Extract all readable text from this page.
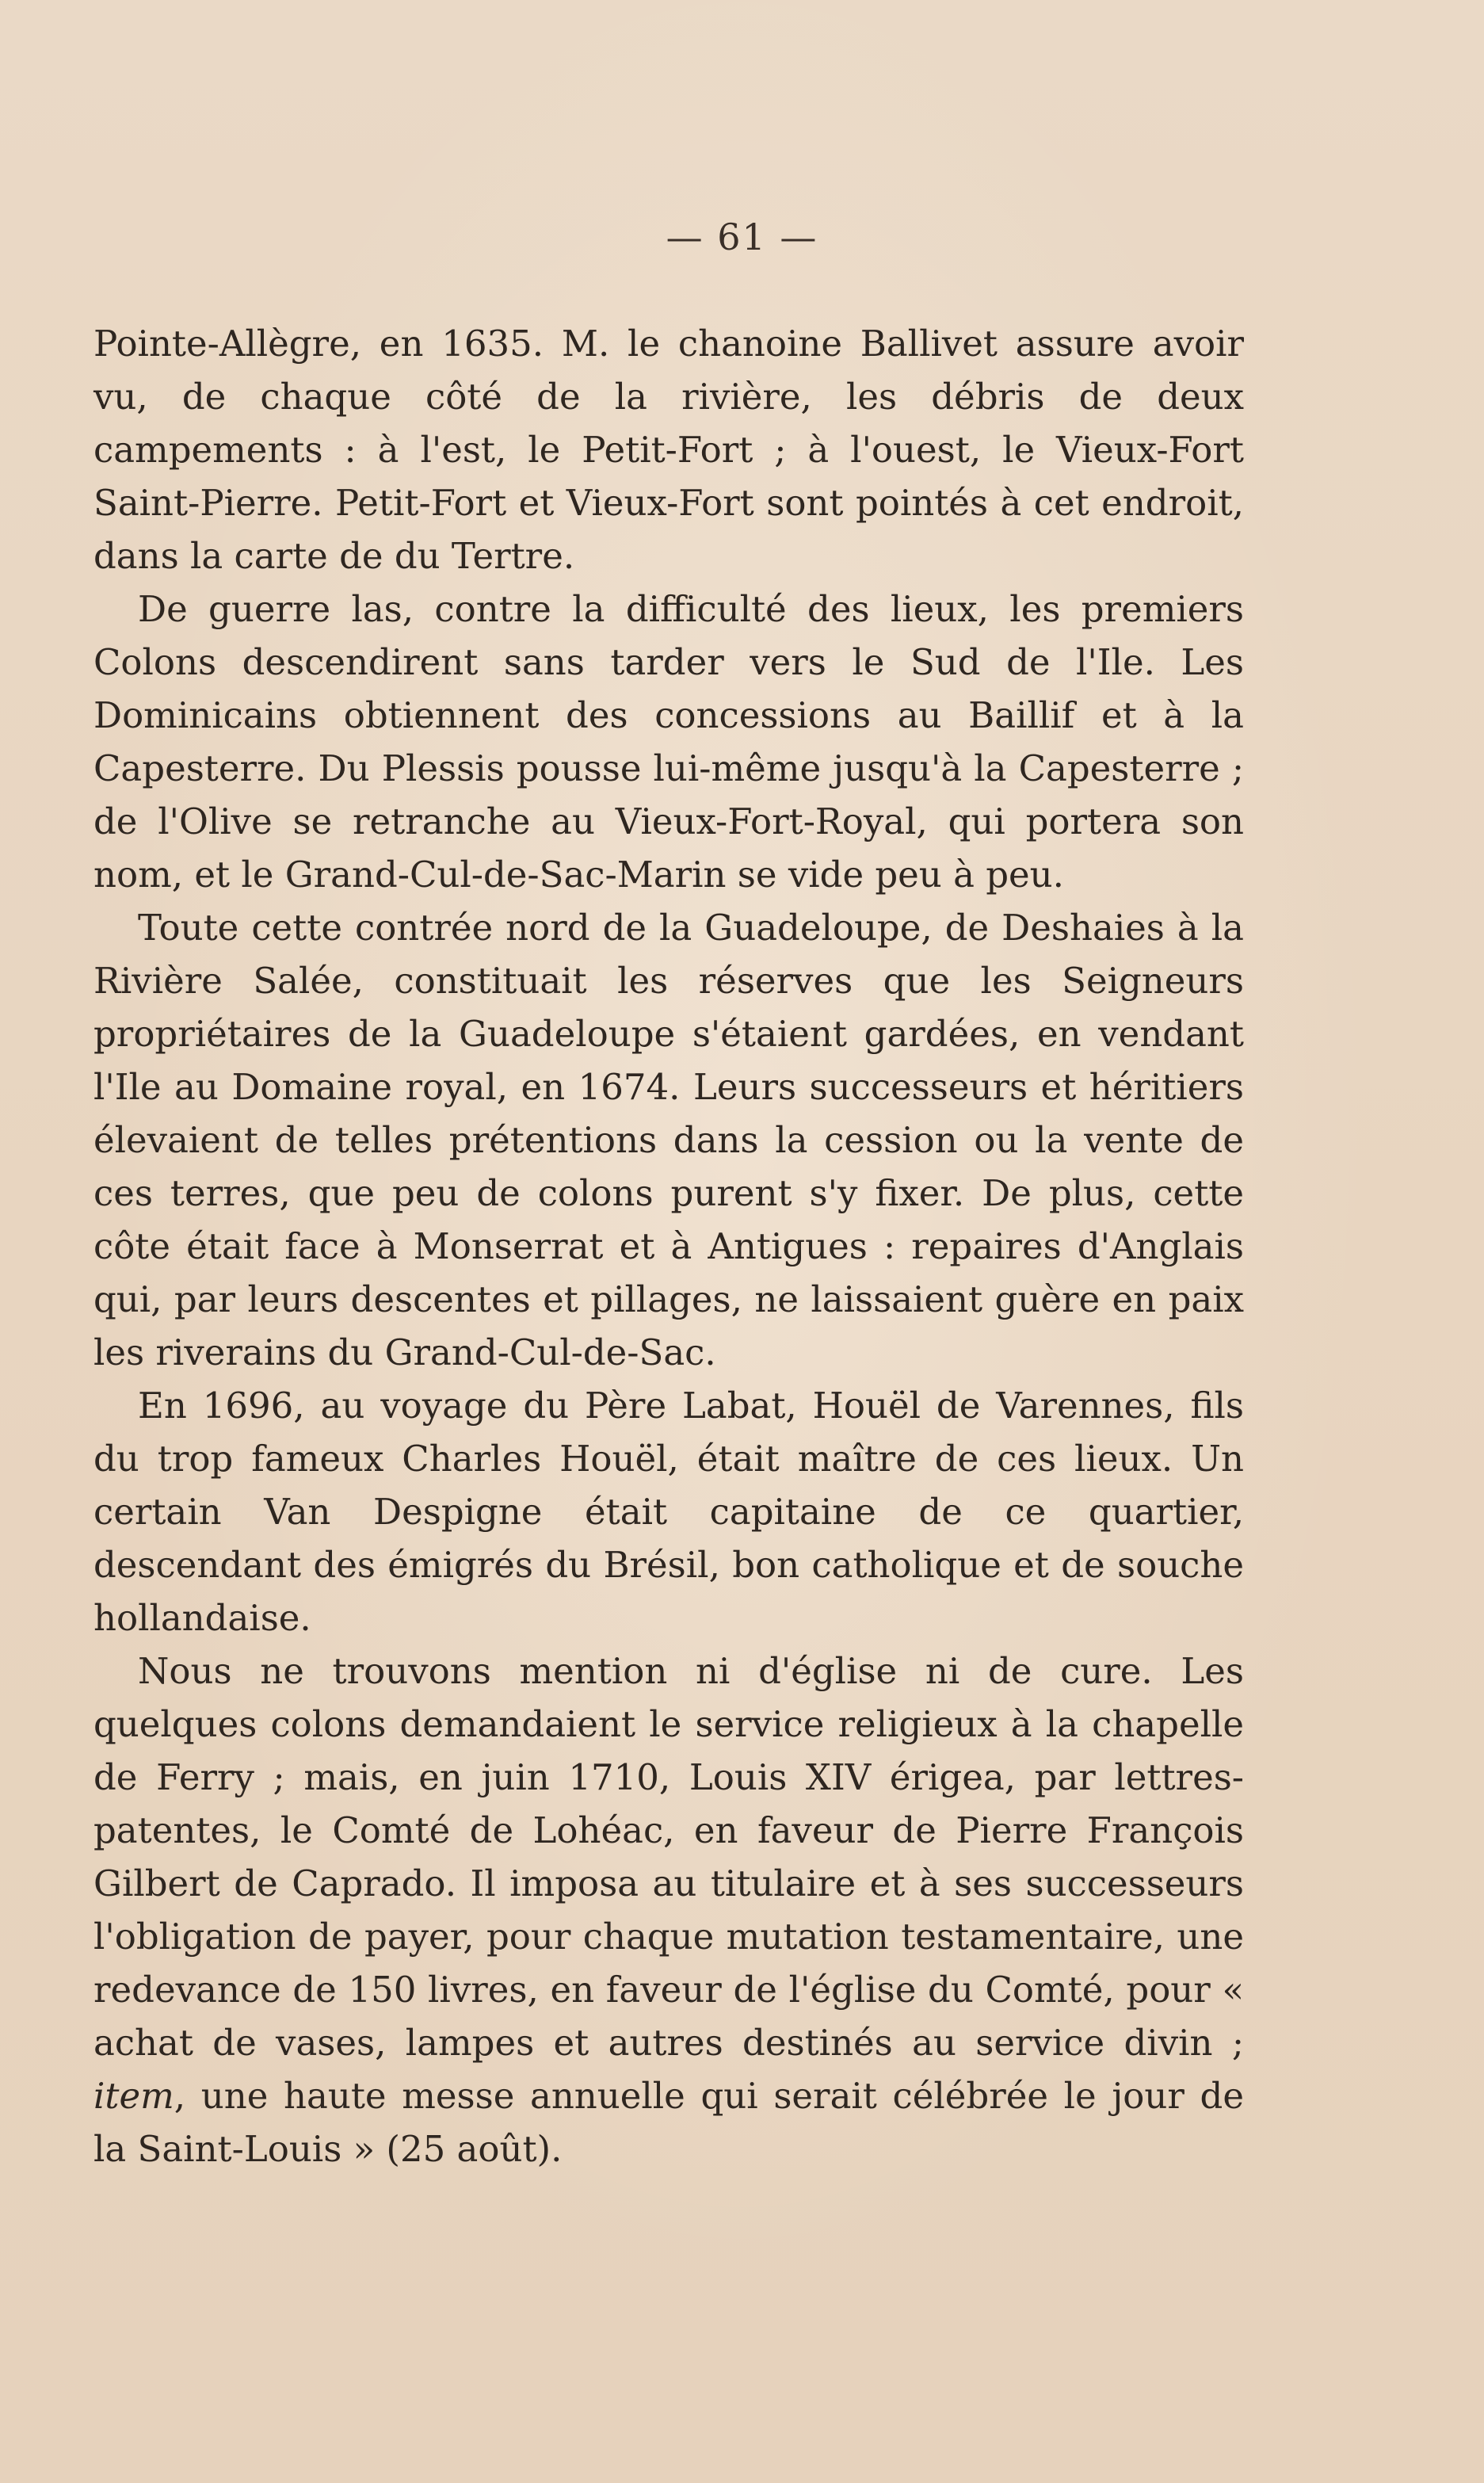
— 61 —

Pointe-Allègre, en 1635. M. le chanoine Ballivet assure avoir vu, de chaque côté de la rivière, les débris de deux campements : à l'est, le Petit-Fort ; à l'ouest, le Vieux-Fort Saint-Pierre. Petit-Fort et Vieux-Fort sont pointés à cet endroit, dans la carte de du Tertre.

De guerre las, contre la difficulté des lieux, les premiers Colons descendirent sans tarder vers le Sud de l'Ile. Les Dominicains obtiennent des concessions au Baillif et à la Capesterre. Du Plessis pousse lui-même jusqu'à la Capesterre ; de l'Olive se retranche au Vieux-Fort-Royal, qui portera son nom, et le Grand-Cul-de-Sac-Marin se vide peu à peu.

Toute cette contrée nord de la Guadeloupe, de Deshaies à la Rivière Salée, constituait les réserves que les Seigneurs propriétaires de la Guadeloupe s'étaient gardées, en vendant l'Ile au Domaine royal, en 1674. Leurs successeurs et héritiers élevaient de telles prétentions dans la cession ou la vente de ces terres, que peu de colons purent s'y fixer. De plus, cette côte était face à Monserrat et à Antigues : repaires d'Anglais qui, par leurs descentes et pillages, ne laissaient guère en paix les riverains du Grand-Cul-de-Sac.

En 1696, au voyage du Père Labat, Houël de Varennes, fils du trop fameux Charles Houël, était maître de ces lieux. Un certain Van Despigne était capitaine de ce quartier, descendant des émigrés du Brésil, bon catholique et de souche hollandaise.

Nous ne trouvons mention ni d'église ni de cure. Les quelques colons demandaient le service religieux à la chapelle de Ferry ; mais, en juin 1710, Louis XIV érigea, par lettres-patentes, le Comté de Lohéac, en faveur de Pierre François Gilbert de Caprado. Il imposa au titulaire et à ses successeurs l'obligation de payer, pour chaque mutation testamentaire, une redevance de 150 livres, en faveur de l'église du Comté, pour « achat de vases, lampes et autres destinés au service divin ; item, une haute messe annuelle qui serait célébrée le jour de la Saint-Louis » (25 août).
